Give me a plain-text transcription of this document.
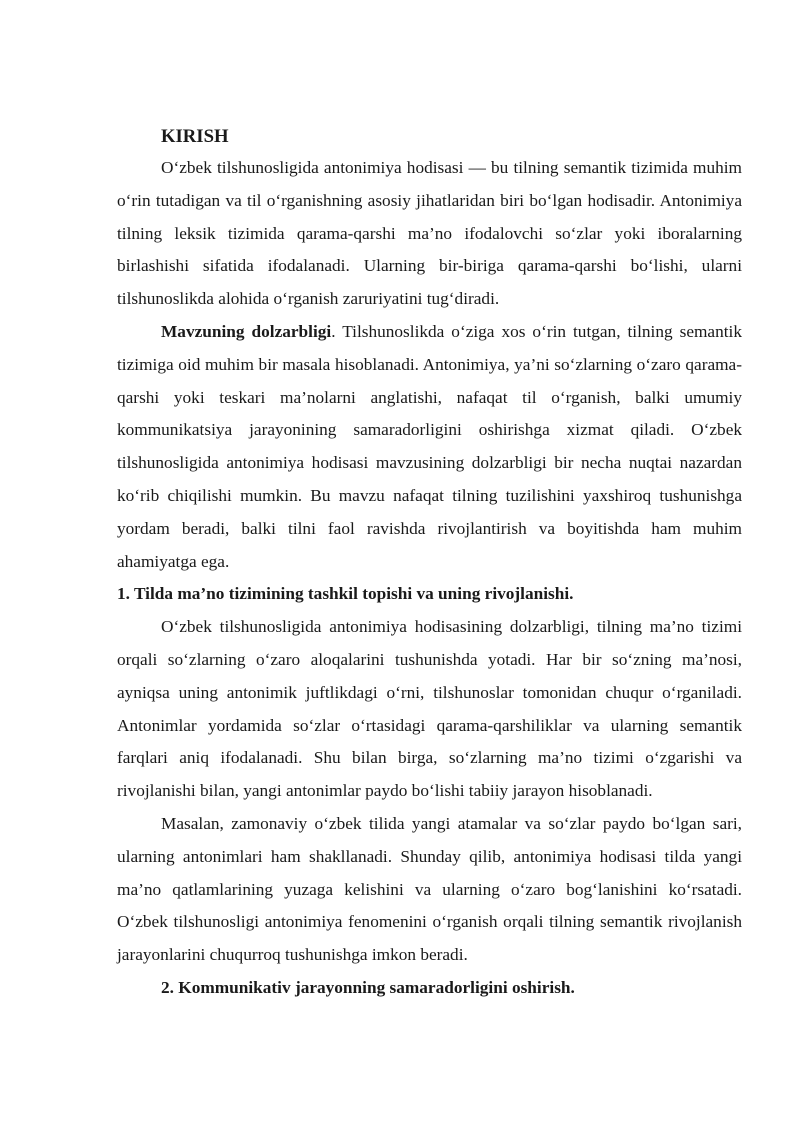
KIRISH

O‘zbek tilshunosligida antonimiya hodisasi — bu tilning semantik tizimida muhim o‘rin tutadigan va til o‘rganishning asosiy jihatlaridan biri bo‘lgan hodisadir. Antonimiya tilning leksik tizimida qarama-qarshi ma’no ifodalovchi so‘zlar yoki iboralarning birlashishi sifatida ifodalanadi. Ularning bir-biriga qarama-qarshi bo‘lishi, ularni tilshunoslikda alohida o‘rganish zaruriyatini tug‘diradi.

Mavzuning dolzarbligi. Tilshunoslikda o‘ziga xos o‘rin tutgan, tilning semantik tizimiga oid muhim bir masala hisoblanadi. Antonimiya, ya’ni so‘zlarning o‘zaro qarama-qarshi yoki teskari ma’nolarni anglatishi, nafaqat til o‘rganish, balki umumiy kommunikatsiya jarayonining samaradorligini oshirishga xizmat qiladi. O‘zbek tilshunosligida antonimiya hodisasi mavzusining dolzarbligi bir necha nuqtai nazardan ko‘rib chiqilishi mumkin. Bu mavzu nafaqat tilning tuzilishini yaxshiroq tushunishga yordam beradi, balki tilni faol ravishda rivojlantirish va boyitishda ham muhim ahamiyatga ega.

1. Tilda ma’no tizimining tashkil topishi va uning rivojlanishi.

O‘zbek tilshunosligida antonimiya hodisasining dolzarbligi, tilning ma’no tizimi orqali so‘zlarning o‘zaro aloqalarini tushunishda yotadi. Har bir so‘zning ma’nosi, ayniqsa uning antonimik juftlikdagi o‘rni, tilshunoslar tomonidan chuqur o‘rganiladi. Antonimlar yordamida so‘zlar o‘rtasidagi qarama-qarshiliklar va ularning semantik farqlari aniq ifodalanadi. Shu bilan birga, so‘zlarning ma’no tizimi o‘zgarishi va rivojlanishi bilan, yangi antonimlar paydo bo‘lishi tabiiy jarayon hisoblanadi.

Masalan, zamonaviy o‘zbek tilida yangi atamalar va so‘zlar paydo bo‘lgan sari, ularning antonimlari ham shakllanadi. Shunday qilib, antonimiya hodisasi tilda yangi ma’no qatlamlarining yuzaga kelishini va ularning o‘zaro bog‘lanishini ko‘rsatadi. O‘zbek tilshunosligi antonimiya fenomenini o‘rganish orqali tilning semantik rivojlanish jarayonlarini chuqurroq tushunishga imkon beradi.

2. Kommunikativ jarayonning samaradorligini oshirish.
